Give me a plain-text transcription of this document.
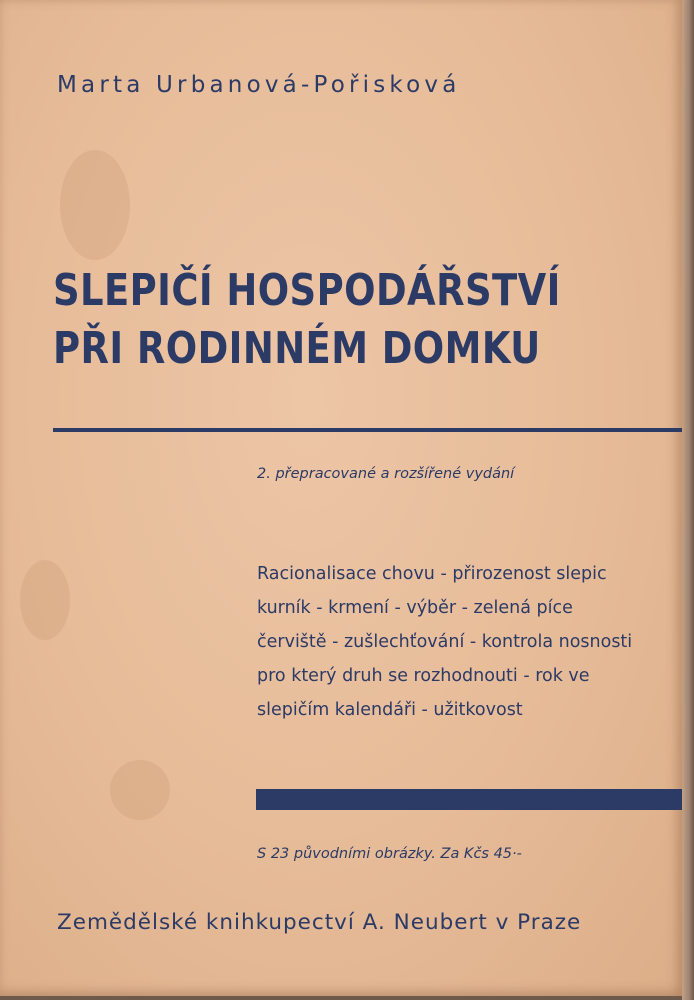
Marta Urbanová-Pořisková
SLEPIČÍ HOSPODÁŘSTVÍ
PŘI RODINNÉM DOMKU
2. přepracované a rozšířené vydání
Racionalisace chovu - přirozenost slepic
kurník - krmení - výběr - zelená píce
červiště - zušlechťování - kontrola nosnosti
pro který druh se rozhodnouti - rok ve
slepičím kalendáři - užitkovost
S 23 původními obrázky. Za Kčs 45·-
Zemědělské knihkupectví A. Neubert v Praze
